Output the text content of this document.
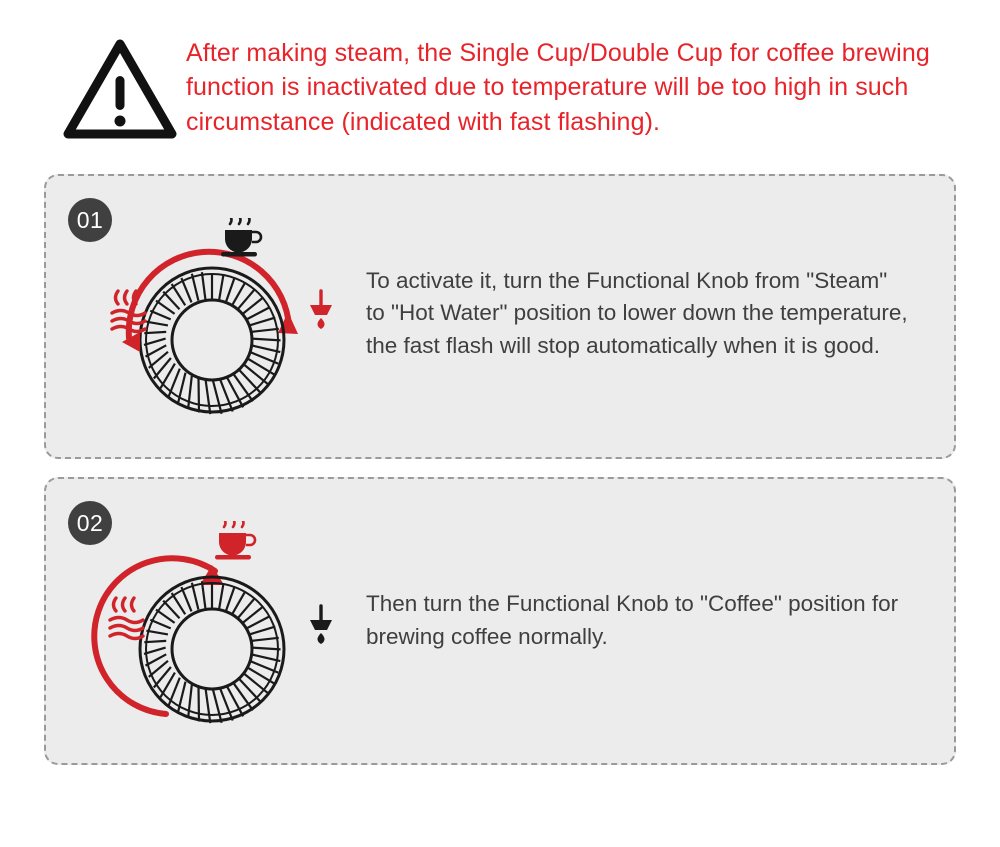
After making steam, the Single Cup/Double Cup for coffee brewing function is inactivated due to temperature will be too high in such circumstance (indicated with fast flashing).
01
To activate it, turn the Functional Knob from "Steam" to "Hot Water" position to lower down the temperature, the fast flash will stop automatically when it is good.
02
Then turn the Functional Knob to "Coffee" position for brewing coffee normally.
